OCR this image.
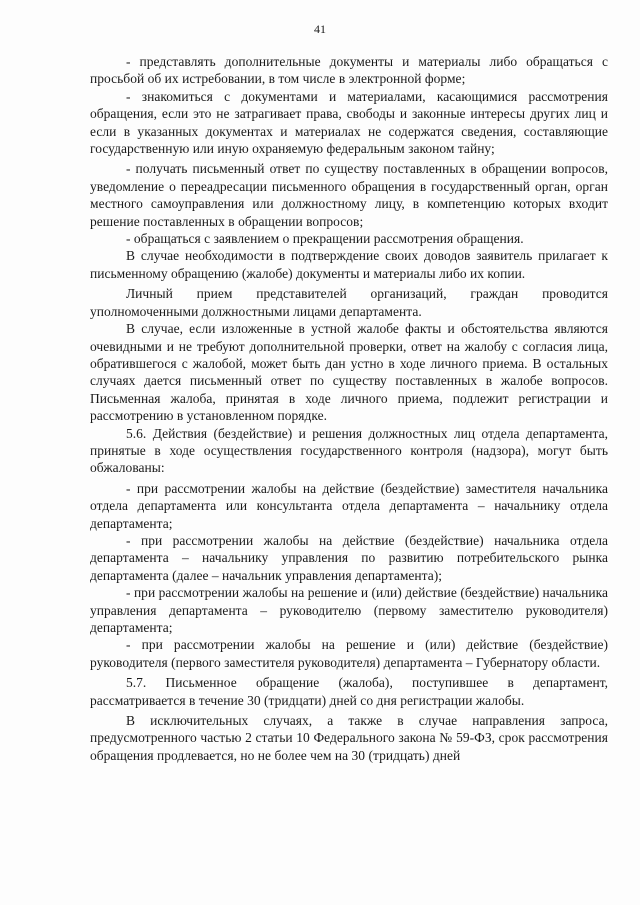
41

- представлять дополнительные документы и материалы либо обращаться с просьбой об их истребовании, в том числе в электронной форме;

- знакомиться с документами и материалами, касающимися рассмотрения обращения, если это не затрагивает права, свободы и законные интересы других лиц и если в указанных документах и материалах не содержатся сведения, составляющие государственную или иную охраняемую федеральным законом тайну;

- получать письменный ответ по существу поставленных в обращении вопросов, уведомление о переадресации письменного обращения в государственный орган, орган местного самоуправления или должностному лицу, в компетенцию которых входит решение поставленных в обращении вопросов;

- обращаться с заявлением о прекращении рассмотрения обращения.

В случае необходимости в подтверждение своих доводов заявитель прилагает к письменному обращению (жалобе) документы и материалы либо их копии.

Личный прием представителей организаций, граждан проводится уполномоченными должностными лицами департамента.

В случае, если изложенные в устной жалобе факты и обстоятельства являются очевидными и не требуют дополнительной проверки, ответ на жалобу с согласия лица, обратившегося с жалобой, может быть дан устно в ходе личного приема. В остальных случаях дается письменный ответ по существу поставленных в жалобе вопросов. Письменная жалоба, принятая в ходе личного приема, подлежит регистрации и рассмотрению в установленном порядке.

5.6. Действия (бездействие) и решения должностных лиц отдела департамента, принятые в ходе осуществления государственного контроля (надзора), могут быть обжалованы:

- при рассмотрении жалобы на действие (бездействие) заместителя начальника отдела департамента или консультанта отдела департамента – начальнику отдела департамента;

- при рассмотрении жалобы на действие (бездействие) начальника отдела департамента – начальнику управления по развитию потребительского рынка департамента (далее – начальник управления департамента);

- при рассмотрении жалобы на решение и (или) действие (бездействие) начальника управления департамента – руководителю (первому заместителю руководителя) департамента;

- при рассмотрении жалобы на решение и (или) действие (бездействие) руководителя (первого заместителя руководителя) департамента – Губернатору области.

5.7. Письменное обращение (жалоба), поступившее в департамент, рассматривается в течение 30 (тридцати) дней со дня регистрации жалобы.

В исключительных случаях, а также в случае направления запроса, предусмотренного частью 2 статьи 10 Федерального закона № 59-ФЗ, срок рассмотрения обращения продлевается, но не более чем на 30 (тридцать) дней
